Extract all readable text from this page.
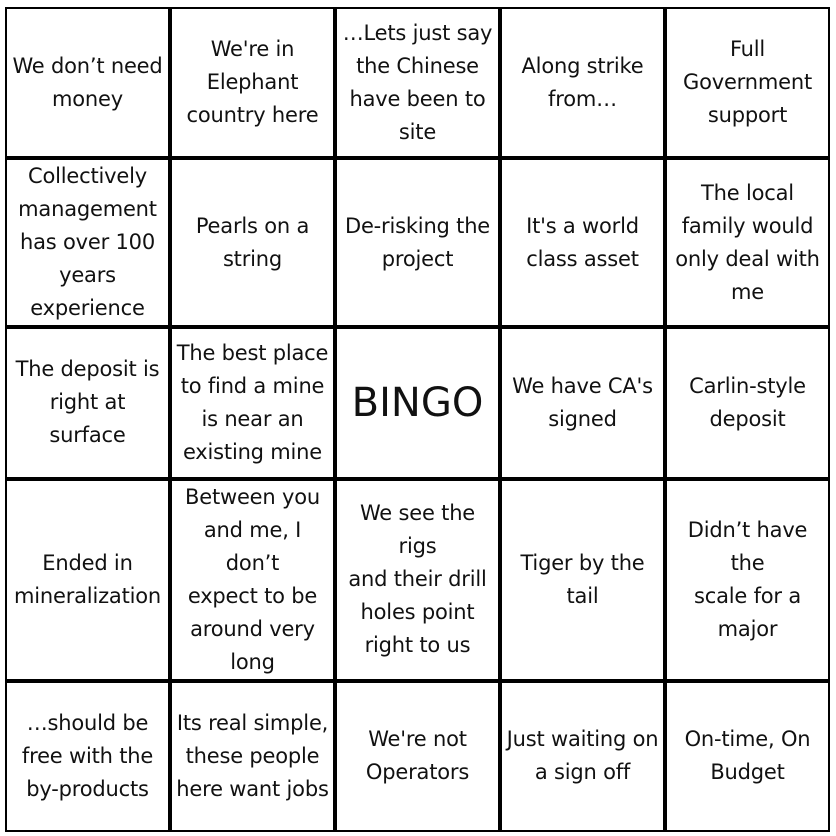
We don’t need
money
We're in
Elephant
country here
…Lets just say
the Chinese
have been to
site
Along strike
from…
Full
Government
support
Collectively
management
has over 100
years
experience
Pearls on a
string
De-risking the
project
It's a world
class asset
The local
family would
only deal with
me
The deposit is
right at surface
The best place
to find a mine
is near an
existing mine
BINGO	We have CA's
signed
Carlin-style
deposit
Ended in
mineralization
Between you
and me, I don’t
expect to be
around very
long
We see the rigs
and their drill
holes point
right to us
Tiger by the
tail
Didn’t have the
scale for a
major
…should be
free with the
by-products
Its real simple,
these people
here want jobs
We're not
Operators
Just waiting on
a sign off
On-time, On
Budget
